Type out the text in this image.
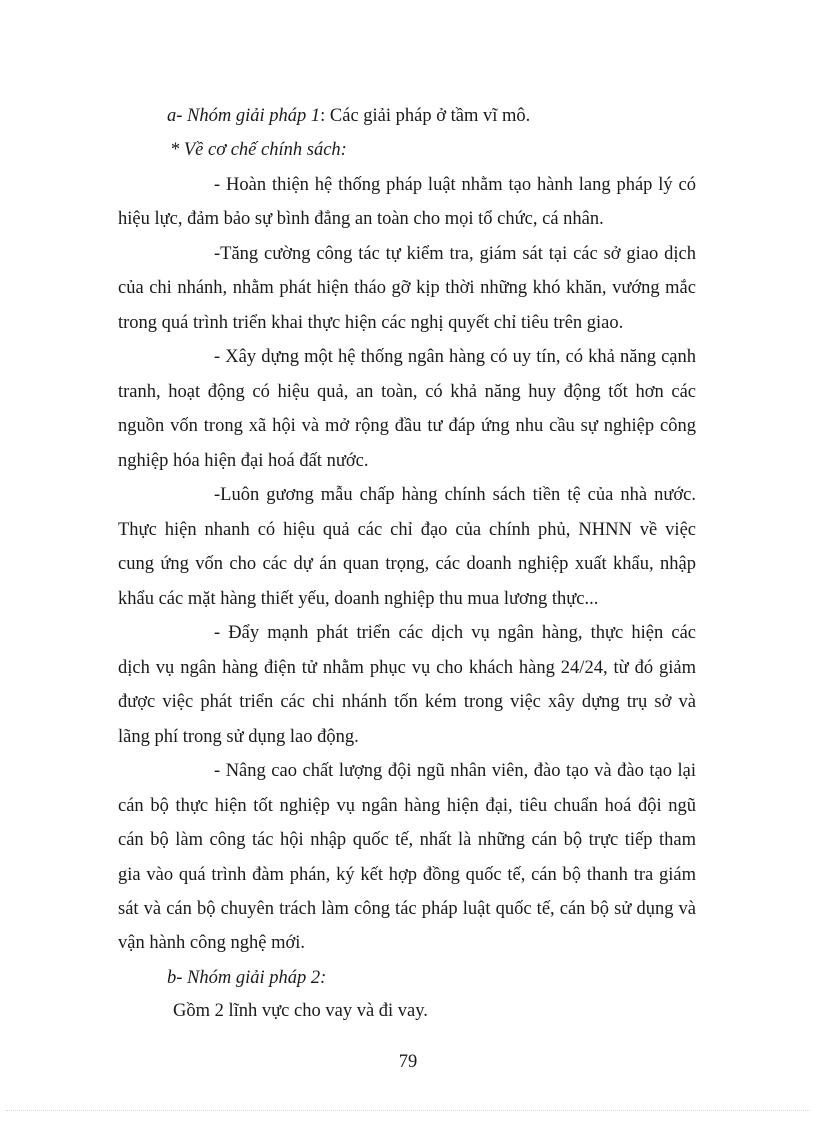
a- Nhóm giải pháp 1: Các giải pháp ở tầm vĩ mô.
* Về cơ chế chính sách:
- Hoàn thiện hệ thống pháp luật nhằm tạo hành lang pháp lý có
hiệu lực, đảm bảo sự bình đẳng an toàn cho mọi tổ chức, cá nhân.
-Tăng cường công tác tự kiểm tra, giám sát tại các sở giao dịch
của chi nhánh, nhằm phát hiện tháo gỡ kịp thời những khó khăn, vướng mắc
trong quá trình triển khai thực hiện các nghị quyết chỉ tiêu trên giao.
- Xây dựng một hệ thống ngân hàng có uy tín, có khả năng cạnh
tranh, hoạt động có hiệu quả, an toàn, có khả năng huy động tốt hơn các
nguồn vốn trong xã hội và mở rộng đầu tư đáp ứng nhu cầu sự nghiệp công
nghiệp hóa hiện đại hoá đất nước.
-Luôn gương mẫu chấp hàng chính sách tiền tệ của nhà nước.
Thực hiện nhanh có hiệu quả các chỉ đạo của chính phủ, NHNN về việc
cung ứng vốn cho các dự án quan trọng, các doanh nghiệp xuất khẩu, nhập
khẩu các mặt hàng thiết yếu, doanh nghiệp thu mua lương thực...
- Đẩy mạnh phát triển các dịch vụ ngân hàng, thực hiện các
dịch vụ ngân hàng điện tử nhằm phục vụ cho khách hàng 24/24, từ đó giảm
được việc phát triển các chi nhánh tốn kém trong việc xây dựng trụ sở và
lãng phí trong sử dụng lao động.
- Nâng cao chất lượng đội ngũ nhân viên, đào tạo và đào tạo lại
cán bộ thực hiện tốt nghiệp vụ ngân hàng hiện đại, tiêu chuẩn hoá đội ngũ
cán bộ làm công tác hội nhập quốc tế, nhất là những cán bộ trực tiếp tham
gia vào quá trình đàm phán, ký kết hợp đồng quốc tế, cán bộ thanh tra giám
sát và cán bộ chuyên trách làm công tác pháp luật quốc tế, cán bộ sử dụng và
vận hành công nghệ mới.
b- Nhóm giải pháp 2:
Gồm 2 lĩnh vực cho vay và đi vay.
79
